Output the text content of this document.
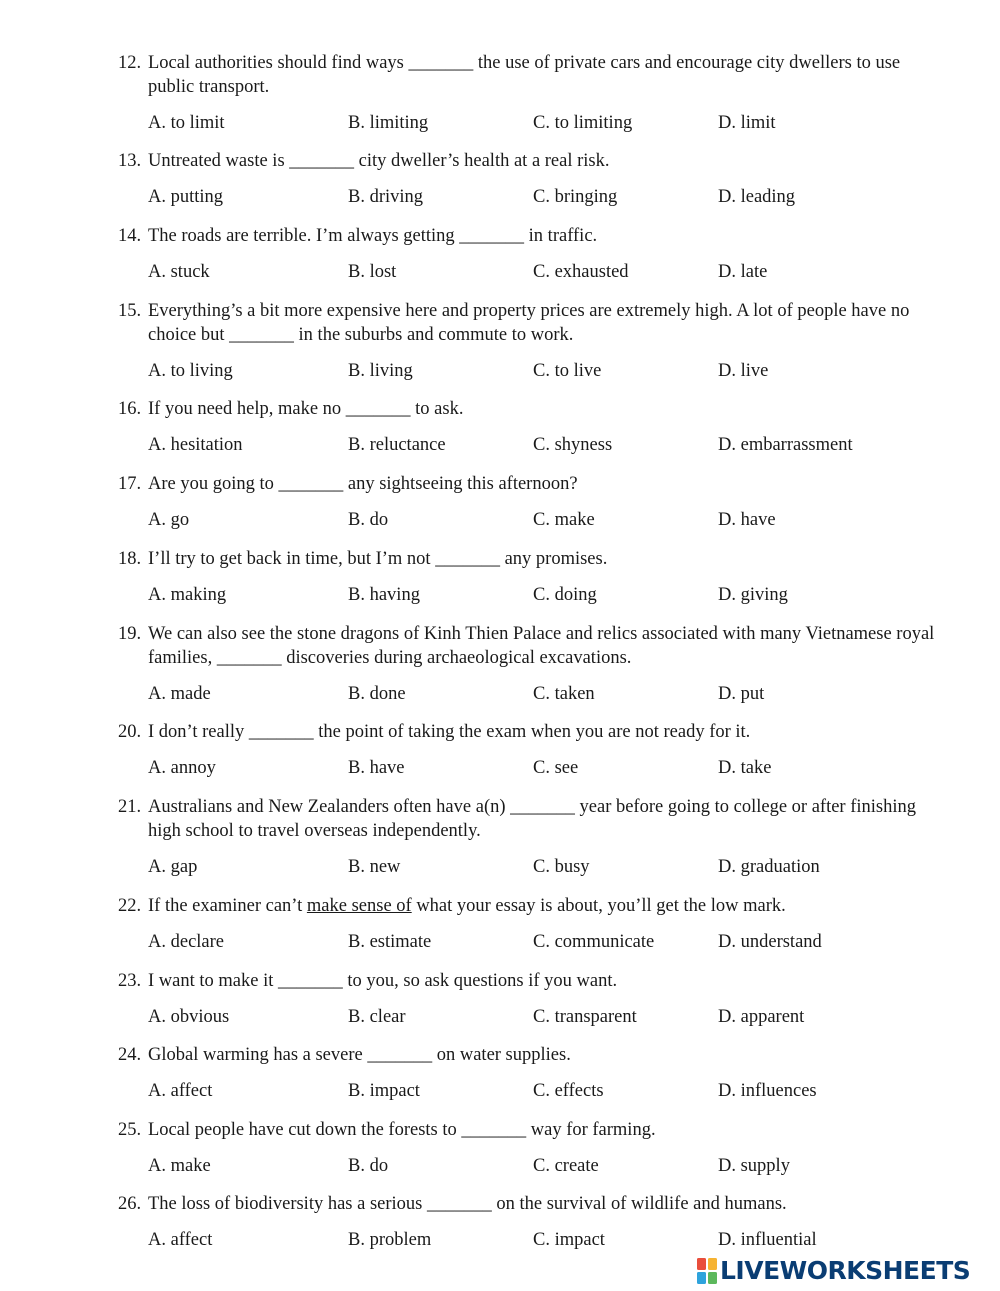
12. Local authorities should find ways _______ the use of private cars and encourage city dwellers to use public transport.
A. to limit	B. limiting	C. to limiting	D. limit
13. Untreated waste is _______ city dweller’s health at a real risk.
A. putting	B. driving	C. bringing	D. leading
14. The roads are terrible. I’m always getting _______ in traffic.
A. stuck	B. lost	C. exhausted	D. late
15. Everything’s a bit more expensive here and property prices are extremely high. A lot of people have no choice but _______ in the suburbs and commute to work.
A. to living	B. living	C. to live	D. live
16. If you need help, make no _______ to ask.
A. hesitation	B. reluctance	C. shyness	D. embarrassment
17. Are you going to _______ any sightseeing this afternoon?
A. go	B. do	C. make	D. have
18. I’ll try to get back in time, but I’m not _______ any promises.
A. making	B. having	C. doing	D. giving
19. We can also see the stone dragons of Kinh Thien Palace and relics associated with many Vietnamese royal families, _______ discoveries during archaeological excavations.
A. made	B. done	C. taken	D. put
20. I don’t really _______ the point of taking the exam when you are not ready for it.
A. annoy	B. have	C. see	D. take
21. Australians and New Zealanders often have a(n) _______ year before going to college or after finishing high school to travel overseas independently.
A. gap	B. new	C. busy	D. graduation
22. If the examiner can’t make sense of what your essay is about, you’ll get the low mark.
A. declare	B. estimate	C. communicate	D. understand
23. I want to make it _______ to you, so ask questions if you want.
A. obvious	B. clear	C. transparent	D. apparent
24. Global warming has a severe _______ on water supplies.
A. affect	B. impact	C. effects	D. influences
25. Local people have cut down the forests to _______ way for farming.
A. make	B. do	C. create	D. supply
26. The loss of biodiversity has a serious _______ on the survival of wildlife and humans.
A. affect	B. problem	C. impact	D. influential
LIVEWORKSHEETS
